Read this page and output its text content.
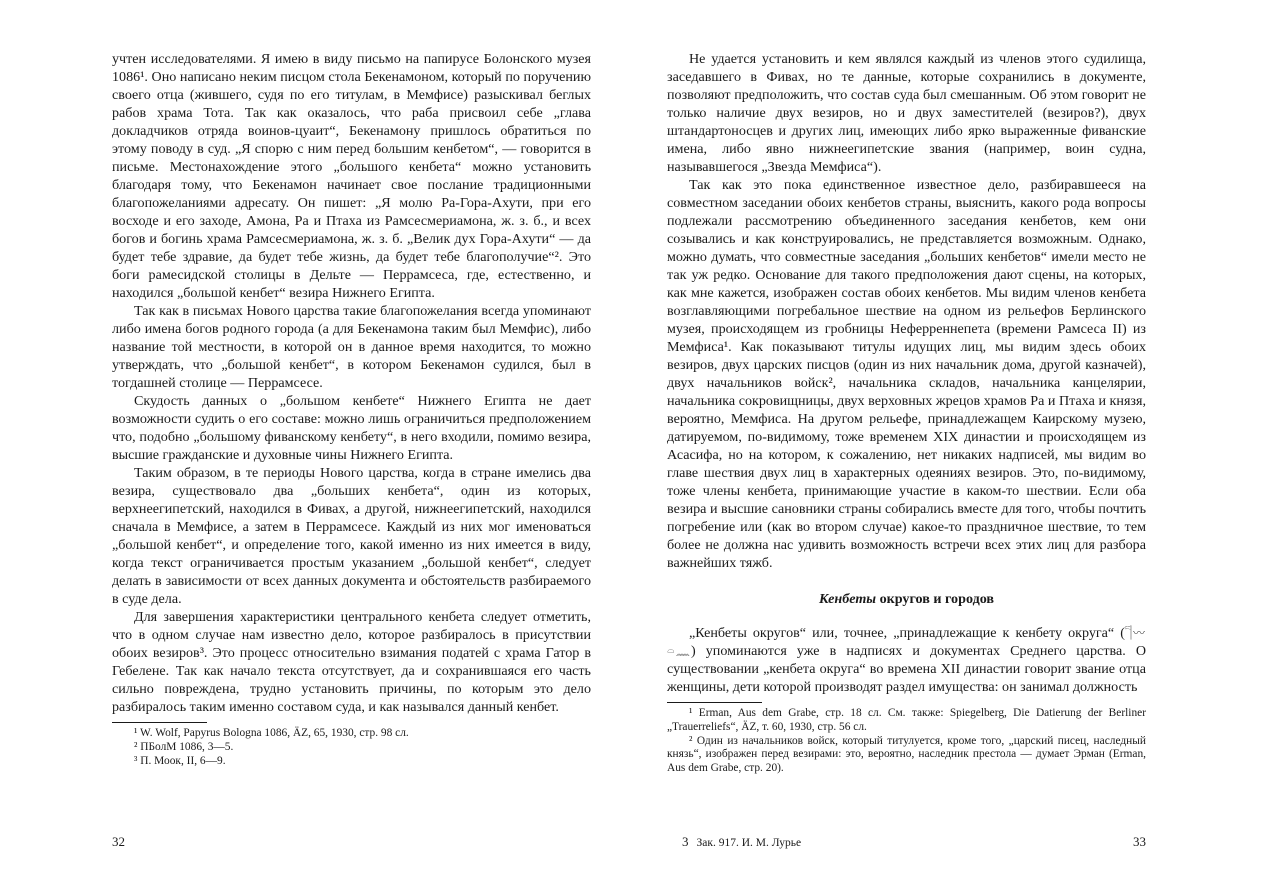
учтен исследователями. Я имею в виду письмо на папирусе Болонского музея 1086¹. Оно написано неким писцом стола Бекенамоном, который по поручению своего отца (жившего, судя по его титулам, в Мемфисе) разыскивал беглых рабов храма Тота. Так как оказалось, что раба присвоил себе „глава докладчиков отряда воинов-цуаит“, Бекенамону пришлось обратиться по этому поводу в суд. „Я спорю с ним перед большим кенбетом“, — говорится в письме. Местонахождение этого „большого кенбета“ можно установить благодаря тому, что Бекенамон начинает свое послание традиционными благопожеланиями адресату. Он пишет: „Я молю Ра-Гора-Ахути, при его восходе и его заходе, Амона, Ра и Птаха из Рамсесмериамона, ж. з. б., и всех богов и богинь храма Рамсесмериамона, ж. з. б. „Велик дух Гора-Ахути“ — да будет тебе здравие, да будет тебе жизнь, да будет тебе благополучие“². Это боги рамесидской столицы в Дельте — Перрамсеса, где, естественно, и находился „большой кенбет“ везира Нижнего Египта.

Так как в письмах Нового царства такие благопожелания всегда упоминают либо имена богов родного города (а для Бекенамона таким был Мемфис), либо название той местности, в которой он в данное время находится, то можно утверждать, что „большой кенбет“, в котором Бекенамон судился, был в тогдашней столице — Перрамсесе.

Скудость данных о „большом кенбете“ Нижнего Египта не дает возможности судить о его составе: можно лишь ограничиться предположением что, подобно „большому фиванскому кенбету“, в него входили, помимо везира, высшие гражданские и духовные чины Нижнего Египта.

Таким образом, в те периоды Нового царства, когда в стране имелись два везира, существовало два „больших кенбета“, один из которых, верхнеегипетский, находился в Фивах, а другой, нижнеегипетский, находился сначала в Мемфисе, а затем в Перрамсесе. Каждый из них мог именоваться „большой кенбет“, и определение того, какой именно из них имеется в виду, когда текст ограничивается простым указанием „большой кенбет“, следует делать в зависимости от всех данных документа и обстоятельств разбираемого в суде дела.

Для завершения характеристики центрального кенбета следует отметить, что в одном случае нам известно дело, которое разбиралось в присутствии обоих везиров³. Это процесс относительно взимания податей с храма Гатор в Гебелене. Так как начало текста отсутствует, да и сохранившаяся его часть сильно повреждена, трудно установить причины, по которым это дело разбиралось таким именно составом суда, и как назывался данный кенбет.

¹ W. Wolf, Papyrus Bologna 1086, ÄZ, 65, 1930, стр. 98 сл.

² ПБолМ 1086, 3—5.

³ П. Моок, II, 6—9.

32

Не удается установить и кем являлся каждый из членов этого судилища, заседавшего в Фивах, но те данные, которые сохранились в документе, позволяют предположить, что состав суда был смешанным. Об этом говорит не только наличие двух везиров, но и двух заместителей (везиров?), двух штандартоносцев и других лиц, имеющих либо ярко выраженные фиванские имена, либо явно нижнеегипетские звания (например, воин судна, называвшегося „Звезда Мемфиса“).

Так как это пока единственное известное дело, разбиравшееся на совместном заседании обоих кенбетов страны, выяснить, какого рода вопросы подлежали рассмотрению объединенного заседания кенбетов, кем они созывались и как конструировались, не представляется возможным. Однако, можно думать, что совместные заседания „больших кенбетов“ имели место не так уж редко. Основание для такого предположения дают сцены, на которых, как мне кажется, изображен состав обоих кенбетов. Мы видим членов кенбета возглавляющими погребальное шествие на одном из рельефов Берлинского музея, происходящем из гробницы Неферреннепета (времени Рамсеса II) из Мемфиса¹. Как показывают титулы идущих лиц, мы видим здесь обоих везиров, двух царских писцов (один из них начальник дома, другой казначей), двух начальников войск², начальника складов, начальника канцелярии, начальника сокровищницы, двух верховных жрецов храмов Ра и Птаха и князя, вероятно, Мемфиса. На другом рельефе, принадлежащем Каирскому музею, датируемом, по-видимому, тоже временем XIX династии и происходящем из Асасифа, но на котором, к сожалению, нет никаких надписей, мы видим во главе шествия двух лиц в характерных одеяниях везиров. Это, по-видимому, тоже члены кенбета, принимающие участие в каком-то шествии. Если оба везира и высшие сановники страны собирались вместе для того, чтобы почтить погребение или (как во втором случае) какое-то праздничное шествие, то тем более не должна нас удивить возможность встречи всех этих лиц для разбора важнейших тяжб.

Кенбеты округов и городов

„Кенбеты округов“ или, точнее, „принадлежащие к кенбету округа“ (𓊹〰𓏏𓈖) упоминаются уже в надписях и документах Среднего царства. О существовании „кенбета округа“ во времена XII династии говорит звание отца женщины, дети которой производят раздел имущества: он занимал должность

¹ Erman, Aus dem Grabe, стр. 18 сл. См. также: Spiegelberg, Die Datierung der Berliner „Trauerreliefs“, ÄZ, т. 60, 1930, стр. 56 сл.

² Один из начальников войск, который титулуется, кроме того, „царский писец, наследный князь“, изображен перед везирами: это, вероятно, наследник престола — думает Эрман (Erman, Aus dem Grabe, стр. 20).

3 Зак. 917. И. М. Лурье	33
